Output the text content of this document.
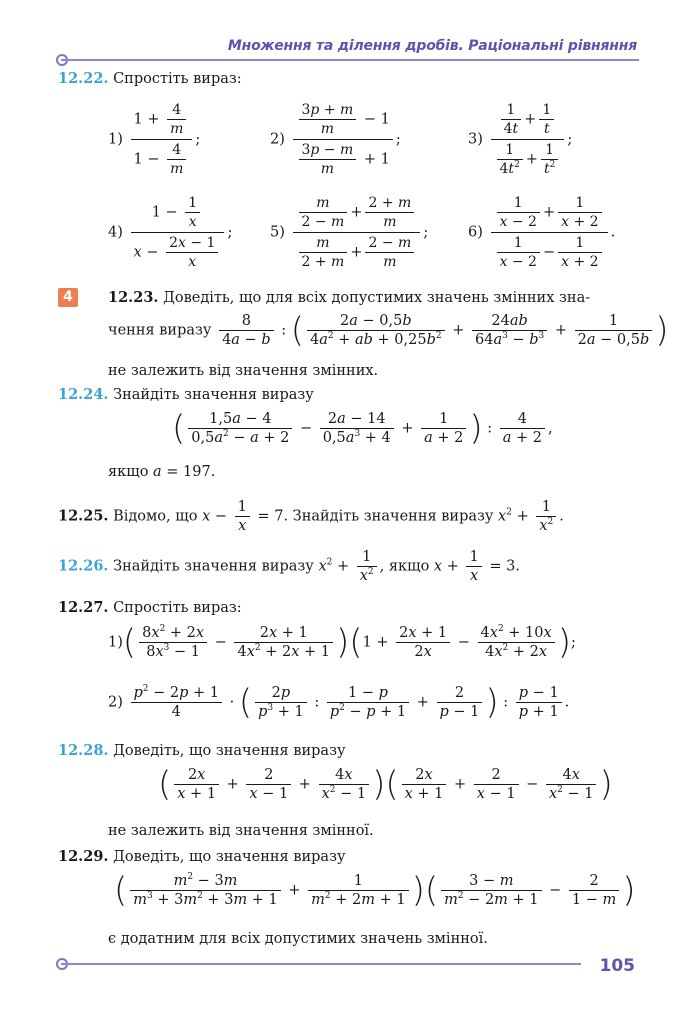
Множення та ділення дробів. Раціональні рівняння
12.22. Спростіть вираз:
$1) \frac{1 + \frac{4}{m}}{1 - \frac{4}{m}}$ ;	$2) \frac{\frac{3p + m}{m} - 1}{\frac{3p - m}{m} + 1}$ ;	$3) \frac{\frac{1}{4t} + \frac{1}{t}}{\frac{1}{4t^2} + \frac{1}{t^2}}$ ;
$4) \frac{1 - \frac{1}{x}}{x - \frac{2x - 1}{x}}$ ;	$5) \frac{\frac{m}{2 - m} + \frac{2 + m}{m}}{\frac{m}{2 + m} + \frac{2 - m}{m}}$ ;	$6) \frac{\frac{1}{x - 2} + \frac{1}{x + 2}}{\frac{1}{x - 2} - \frac{1}{x + 2}}$ .
4	12.23. Доведіть, що для всіх допустимих значень змінних зна-
чення виразу $\frac{8}{4a - b}$ : ( $\frac{2a - 0,5b}{4a^2 + ab + 0,25b^2} + \frac{24ab}{64a^3 - b^3} + \frac{1}{2a - 0,5b}$ )
не залежить від значення змінних.
12.24. Знайдіть значення виразу
( $\frac{1,5a - 4}{0,5a^2 - a + 2} - \frac{2a - 14}{0,5a^3 + 4} + \frac{1}{a + 2}$ ) : $\frac{4}{a + 2}$ ,
якщо a = 197.
12.25. Відомо, що $x - \frac{1}{x} = 7$. Знайдіть значення виразу $x^2 + \frac{1}{x^2}$ .
12.26. Знайдіть значення виразу $x^2 + \frac{1}{x^2}$ , якщо $x + \frac{1}{x} = 3$.
12.27. Спростіть вираз:
$1)( \frac{8x^2 + 2x}{8x^3 - 1} - \frac{2x + 1}{4x^2 + 2x + 1} )(1 + \frac{2x + 1}{2x} - \frac{4x^2 + 10x}{4x^2 + 2x}$ );
$2) \frac{p^2 - 2p + 1}{4}$ · ( $\frac{2p}{p^3 + 1}$ : $\frac{1 - p}{p^2 - p + 1} + \frac{2}{p - 1}$ ) : $\frac{p - 1}{p + 1}$ .
12.28. Доведіть, що значення виразу
( $\frac{2x}{x + 1} + \frac{2}{x - 1} + \frac{4x}{x^2 - 1}$ )( $\frac{2x}{x + 1} + \frac{2}{x - 1} - \frac{4x}{x^2 - 1}$ )
не залежить від значення змінної.
12.29. Доведіть, що значення виразу
( $\frac{m^2 - 3m}{m^3 + 3m^2 + 3m + 1} + \frac{1}{m^2 + 2m + 1}$ )( $\frac{3 - m}{m^2 - 2m + 1} - \frac{2}{1 - m}$ )
є додатним для всіх допустимих значень змінної.
105
